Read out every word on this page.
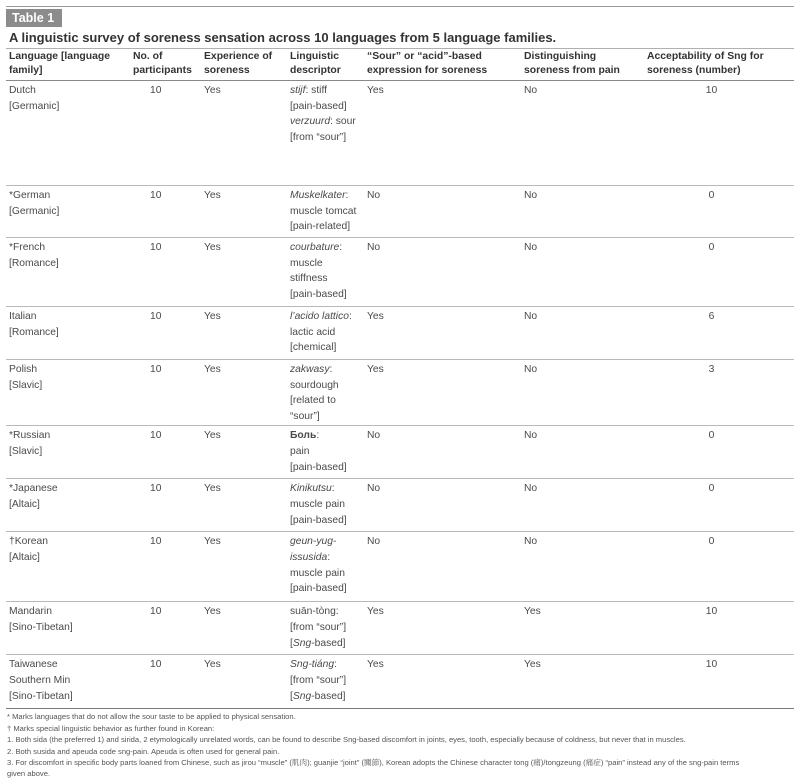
Table 1
A linguistic survey of soreness sensation across 10 languages from 5 language families.
Language [language family]	No. of participants	Experience of soreness	Linguistic descriptor	“Sour” or “acid”-based expression for soreness	Distinguishing soreness from pain	Acceptability of Sng for soreness (number)
Dutch
[Germanic]	10	Yes	stijf: stiff
[pain-based]
verzuurd: sour
[from “sour”]	Yes	No	10
*German
[Germanic]	10	Yes	Muskelkater:
muscle tomcat
[pain-related]	No	No	0
*French
[Romance]	10	Yes	courbature:
muscle
stiffness
[pain-based]	No	No	0
Italian
[Romance]	10	Yes	l’acido lattico:
lactic acid
[chemical]	Yes	No	6
Polish
[Slavic]	10	Yes	zakwasy:
sourdough
[related to
“sour”]	Yes	No	3
*Russian
[Slavic]	10	Yes	Боль:
pain
[pain-based]	No	No	0
*Japanese
[Altaic]	10	Yes	Kinikutsu:
muscle pain
[pain-based]	No	No	0
†Korean
[Altaic]	10	Yes	geun-yug-
issusida:
muscle pain
[pain-based]	No	No	0
Mandarin
[Sino-Tibetan]	10	Yes	suān-tòng:
[from “sour”]
[Sng-based]	Yes	Yes	10
Taiwanese
Southern Min
[Sino-Tibetan]	10	Yes	Sng-tiáng:
[from “sour”]
[Sng-based]	Yes	Yes	10
* Marks languages that do not allow the sour taste to be applied to physical sensation.
† Marks special linguistic behavior as further found in Korean:
1. Both sida (the preferred 1) and sirida, 2 etymologically unrelated words, can be found to describe Sng-based discomfort in joints, eyes, tooth, especially because of coldness, but never that in muscles.
2. Both susida and apeuda code sng-pain. Apeuda is often used for general pain.
3. For discomfort in specific body parts loaned from Chinese, such as jirou “muscle” (肌肉); guanjie “joint” (關節), Korean adopts the Chinese character tong (痛)/tongzeung (痛症) “pain” instead any of the sng-pain terms
given above.
